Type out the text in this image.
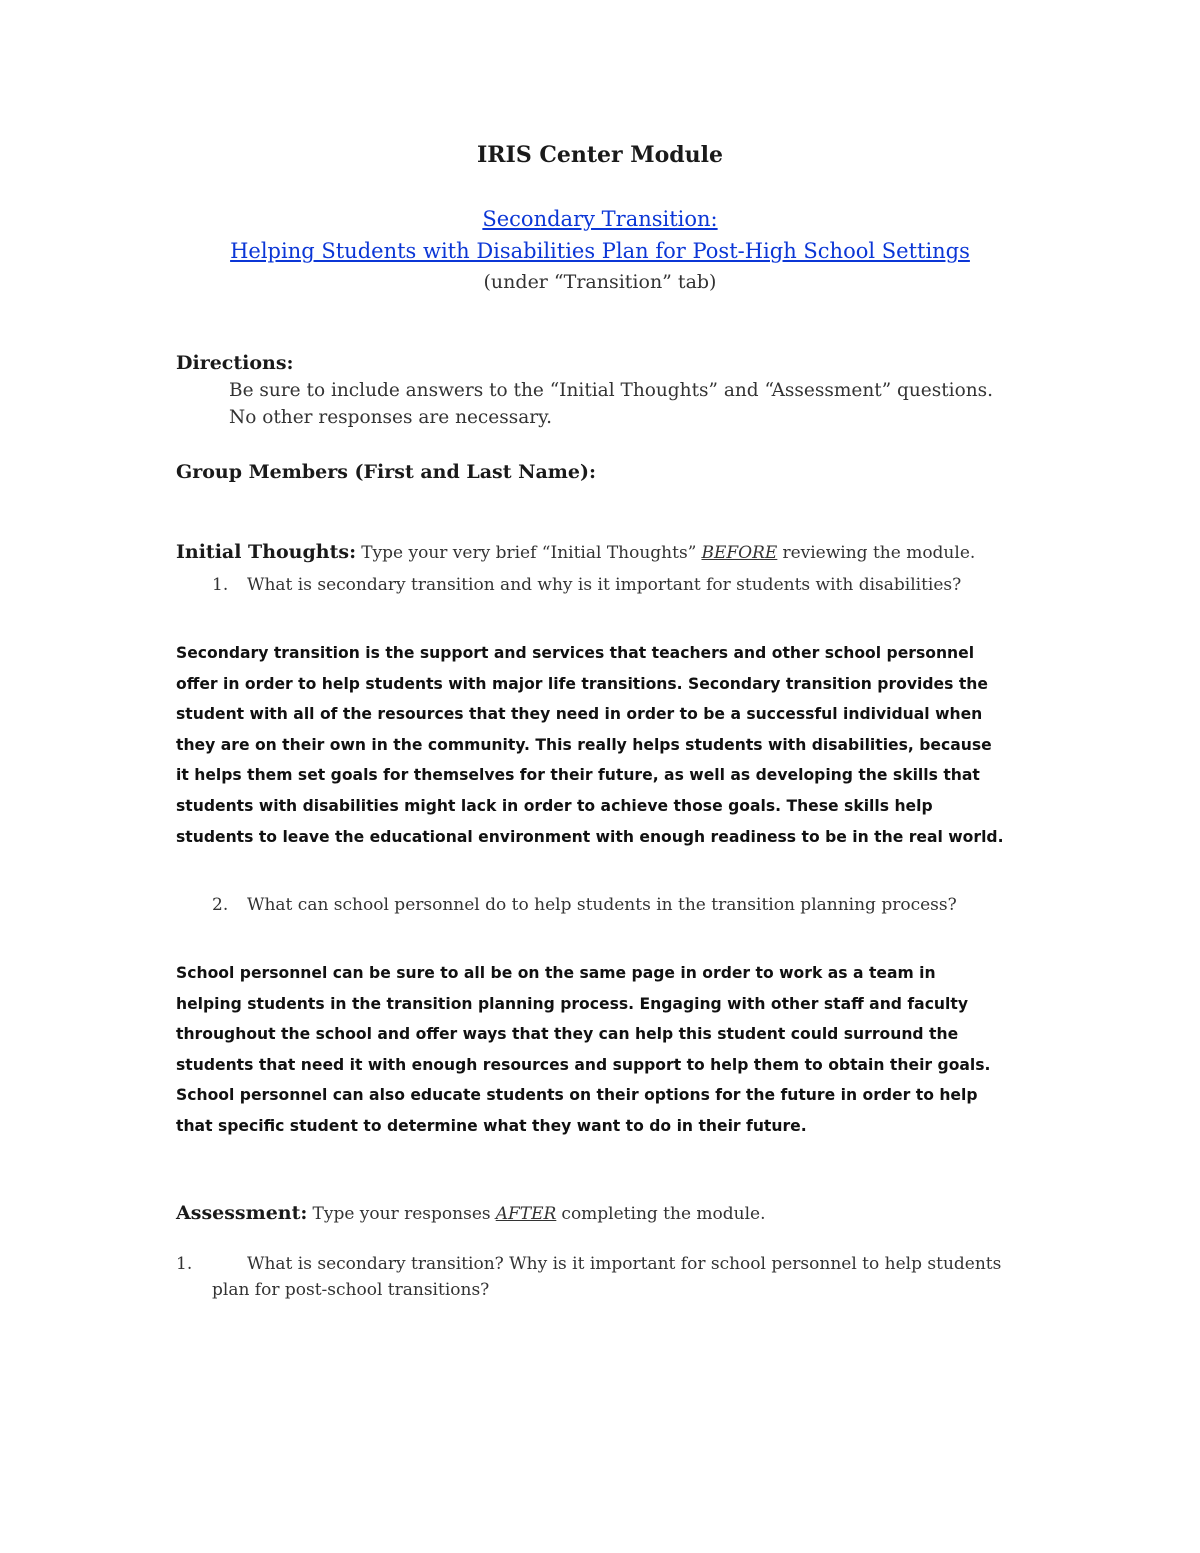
IRIS Center Module
Secondary Transition:
Helping Students with Disabilities Plan for Post-High School Settings
(under “Transition” tab)
Directions:
Be sure to include answers to the “Initial Thoughts” and “Assessment” questions.
No other responses are necessary.
Group Members (First and Last Name):
Initial Thoughts: Type your very brief “Initial Thoughts” BEFORE reviewing the module.
1. What is secondary transition and why is it important for students with disabilities?
Secondary transition is the support and services that teachers and other school personnel
offer in order to help students with major life transitions. Secondary transition provides the
student with all of the resources that they need in order to be a successful individual when
they are on their own in the community. This really helps students with disabilities, because
it helps them set goals for themselves for their future, as well as developing the skills that
students with disabilities might lack in order to achieve those goals. These skills help
students to leave the educational environment with enough readiness to be in the real world.
2. What can school personnel do to help students in the transition planning process?
School personnel can be sure to all be on the same page in order to work as a team in
helping students in the transition planning process. Engaging with other staff and faculty
throughout the school and offer ways that they can help this student could surround the
students that need it with enough resources and support to help them to obtain their goals.
School personnel can also educate students on their options for the future in order to help
that specific student to determine what they want to do in their future.
Assessment: Type your responses AFTER completing the module.
1.	What is secondary transition? Why is it important for school personnel to help students
plan for post-school transitions?
